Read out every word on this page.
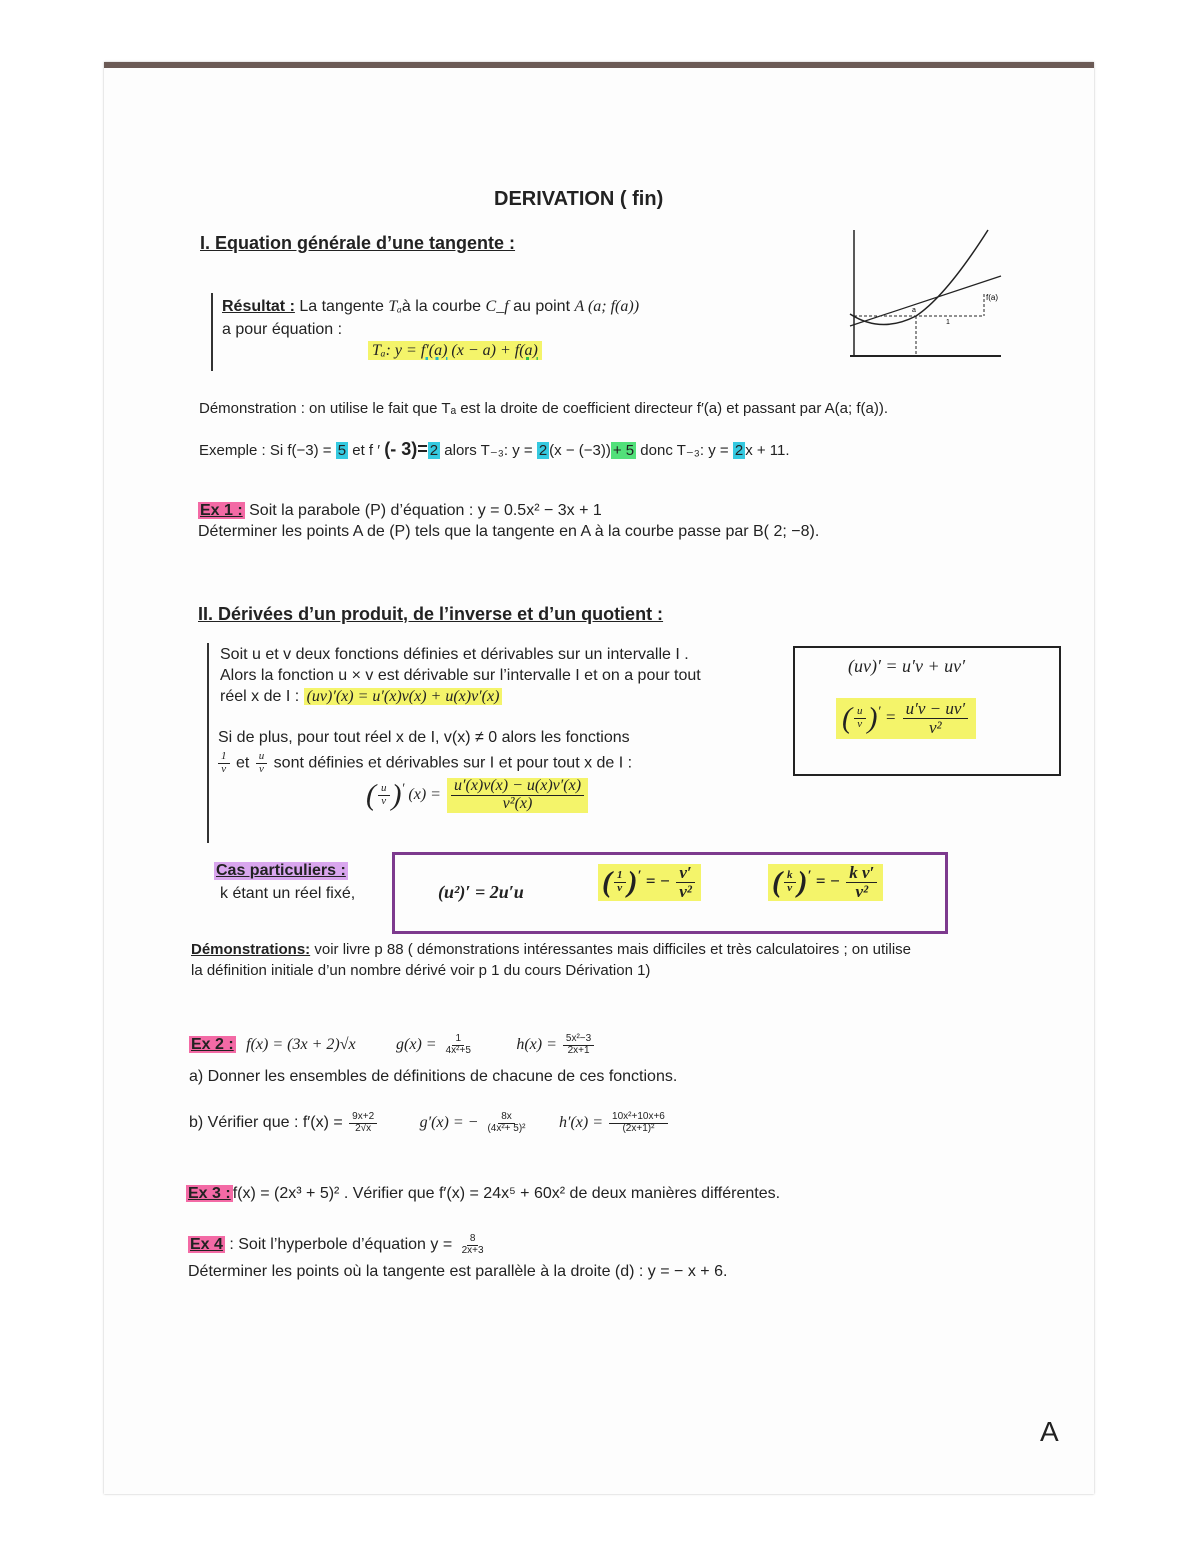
DERIVATION ( fin)
I. Equation générale d’une tangente :
Résultat : La tangente Tₐà la courbe C_f au point A (a; f(a))
a pour équation :
Tₐ: y = f′(a) (x − a) + f(a)
f(a)
a
1
Démonstration : on utilise le fait que Tₐ est la droite de coefficient directeur f′(a) et passant par A(a; f(a)).
Exemple : Si f(−3) = 5 et f ′ (- 3)= 2 alors T₋₃: y = 2 (x − (−3)) + 5 donc T₋₃: y = 2 x + 11.
Ex 1 : Soit la parabole (P) d’équation : y = 0.5x² − 3x + 1
Déterminer les points A de (P) tels que la tangente en A à la courbe passe par B( 2; −8).
II. Dérivées d’un produit, de l’inverse et d’un quotient :
Soit u et v deux fonctions définies et dérivables sur un intervalle I .
Alors la fonction u × v est dérivable sur l’intervalle I et on a pour tout
réel x de I : (uv)′(x) = u′(x)v(x) + u(x)v′(x)
Si de plus, pour tout réel x de I, v(x) ≠ 0 alors les fonctions
$\frac{1}{v}$ et $\frac{u}{v}$ sont définies et dérivables sur I et pour tout x de I :
( $\frac{u}{v} )'$ $(x) = \frac{u'(x)v(x) - u(x)v'(x)}{\text{v²(x)}}$
(uv)′ = u′v + uv′
( $\frac{u}{v} )' = \frac{u'v - uv'}{\text{v²}}$
Cas particuliers :
k étant un réel fixé,	(u²)′ = 2u′u	( $\frac{1}{v} )'$ = − $\frac{v'}{\text{v²}}$	( $\frac{k}{v} )'$ = − $\frac{\text{k v′}}{\text{v²}}$
Démonstrations: voir livre p 88 ( démonstrations intéressantes mais difficiles et très calculatoires ; on utilise
la définition initiale d’un nombre dérivé voir p 1 du cours Dérivation 1)
Ex 2 : f(x) = (3x + 2)√x	$g(x) = \frac{1}{\text{4x²+5}}$	$h(x) = \frac{\text{5x²−3}}{2x+1}$
a) Donner les ensembles de définitions de chacune de ces fonctions.
b) Vérifier que : $f'(x) = \frac{9x+2}{2√x}$	g′(x) = − $\frac{8x}{\text{(4x²+ 5)²}} h'(x) = \frac{\text{10x²+10x+6}}{\text{(2x+1)²}}$
Ex 3 : f(x) = (2x³ + 5)² . Vérifier que f′(x) = 24x⁵ + 60x² de deux manières différentes.
Ex 4 : Soit l’hyperbole d’équation $y = \frac{8}{2x+3}$
Déterminer les points où la tangente est parallèle à la droite (d) : y = − x + 6.
A
